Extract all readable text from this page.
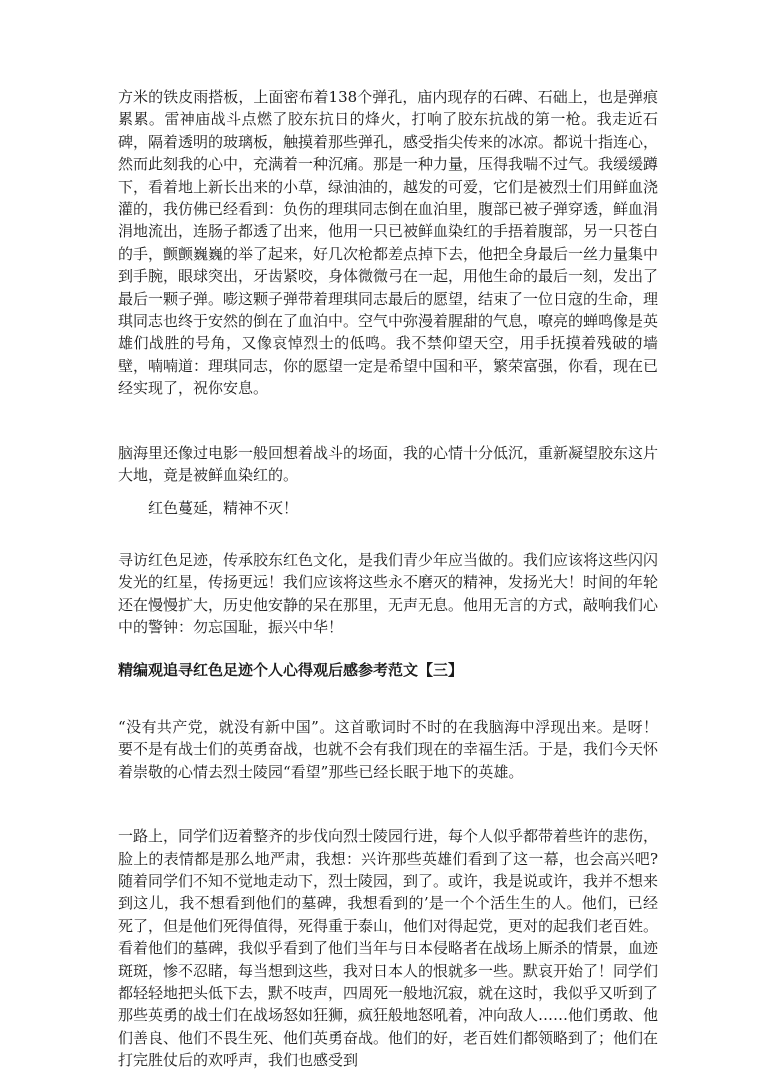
方米的铁皮雨搭板，上面密布着138个弹孔，庙内现存的石碑、石础上，也是弹痕累累。雷神庙战斗点燃了胶东抗日的烽火，打响了胶东抗战的第一枪。我走近石碑，隔着透明的玻璃板，触摸着那些弹孔，感受指尖传来的冰凉。都说十指连心，然而此刻我的心中，充满着一种沉痛。那是一种力量，压得我喘不过气。我缓缓蹲下，看着地上新长出来的小草，绿油油的，越发的可爱，它们是被烈士们用鲜血浇灌的，我仿佛已经看到：负伤的理琪同志倒在血泊里，腹部已被子弹穿透，鲜血涓涓地流出，连肠子都透了出来，他用一只已被鲜血染红的手捂着腹部，另一只苍白的手，颤颤巍巍的举了起来，好几次枪都差点掉下去，他把全身最后一丝力量集中到手腕，眼球突出，牙齿紧咬，身体微微弓在一起，用他生命的最后一刻，发出了最后一颗子弹。嘭这颗子弹带着理琪同志最后的愿望，结束了一位日寇的生命，理琪同志也终于安然的倒在了血泊中。空气中弥漫着腥甜的气息，嘹亮的蝉鸣像是英雄们战胜的号角，又像哀悼烈士的低鸣。我不禁仰望天空，用手抚摸着残破的墙壁，喃喃道：理琪同志，你的愿望一定是希望中国和平，繁荣富强，你看，现在已经实现了，祝你安息。

脑海里还像过电影一般回想着战斗的场面，我的心情十分低沉，重新凝望胶东这片大地，竟是被鲜血染红的。

红色蔓延，精神不灭！

寻访红色足迹，传承胶东红色文化，是我们青少年应当做的。我们应该将这些闪闪发光的红星，传扬更远！我们应该将这些永不磨灭的精神，发扬光大！时间的年轮还在慢慢扩大，历史他安静的呆在那里，无声无息。他用无言的方式，敲响我们心中的警钟：勿忘国耻，振兴中华！

精编观追寻红色足迹个人心得观后感参考范文【三】

“没有共产党，就没有新中国”。这首歌词时不时的在我脑海中浮现出来。是呀！要不是有战士们的英勇奋战，也就不会有我们现在的幸福生活。于是，我们今天怀着崇敬的心情去烈士陵园“看望”那些已经长眠于地下的英雄。

一路上，同学们迈着整齐的步伐向烈士陵园行进，每个人似乎都带着些许的悲伤，脸上的表情都是那么地严肃，我想：兴许那些英雄们看到了这一幕，也会高兴吧?随着同学们不知不觉地走动下，烈士陵园，到了。或许，我是说或许，我并不想来到这儿，我不想看到他们的墓碑，我想看到的’是一个个活生生的人。他们，已经死了，但是他们死得值得，死得重于泰山，他们对得起党，更对的起我们老百姓。看着他们的墓碑，我似乎看到了他们当年与日本侵略者在战场上厮杀的情景，血迹斑斑，惨不忍睹，每当想到这些，我对日本人的恨就多一些。默哀开始了！同学们都轻轻地把头低下去，默不吱声，四周死一般地沉寂，就在这时，我似乎又听到了那些英勇的战士们在战场怒如狂狮，疯狂般地怒吼着，冲向敌人……他们勇敢、他们善良、他们不畏生死、他们英勇奋战。他们的好，老百姓们都领略到了；他们在打完胜仗后的欢呼声，我们也感受到
